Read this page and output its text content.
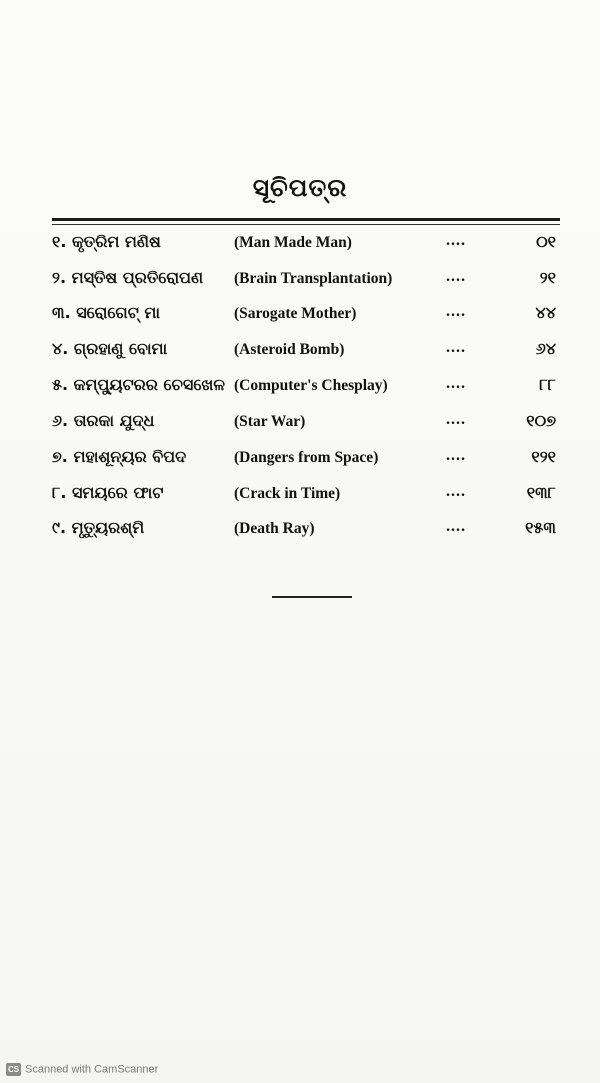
ସୂଚିପତ୍ର
୧. କୃତ୍ରିମ ମଣିଷ	(Man Made Man)	....	୦୧
୨. ମସ୍ତିଷ ପ୍ରତିରୋପଣ (Brain Transplantation)	....	୨୧
୩. ସରୋଗେଟ୍ ମା	(Sarogate Mother)	....	୪୪
୪. ଗ୍ରହାଣୁ ବୋମା	(Asteroid Bomb)	....	୬୪
୫. କମ୍ପ୍ୟୁଟରର ଚେସଖେଳ (Computer's Chesplay)	....	୮୮
୬. ତାରକା ଯୁଦ୍ଧ	(Star War)	....	୧୦୭
୭. ମହାଶୂନ୍ୟର ବିପଦ	(Dangers from Space)	....	୧୨୧
୮. ସମୟରେ ଫାଟ	(Crack in Time)	....	୧୩୮
୯. ମୃତ୍ୟୁରଶ୍ମି	(Death Ray)	....	୧୫୩
CS Scanned with CamScanner
